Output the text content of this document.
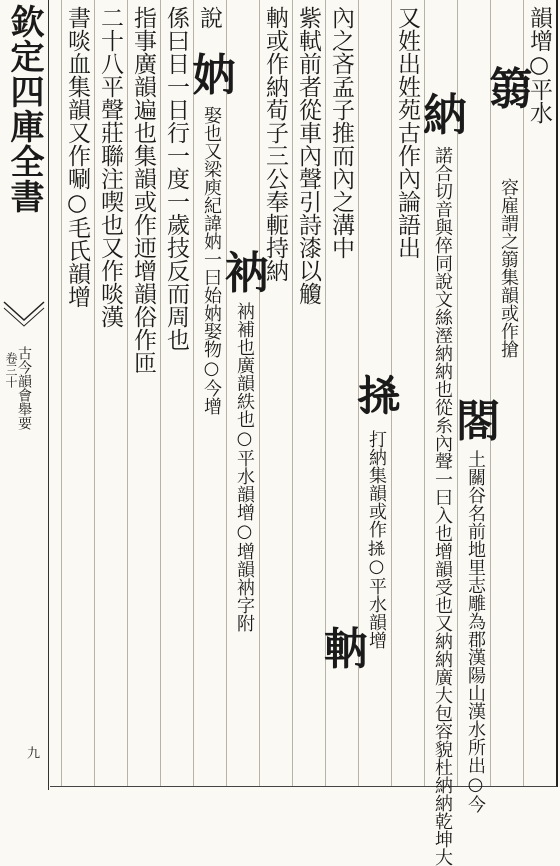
欽定四庫全書
卷三十
古今韻會舉要
九
韻增○平水
篛
容雇謂之篛集韻或作搶
閤
土關谷名前地里志雕為郡漢陽山漢水所出○今
納
諾合切音與倅同說文絲溼納納也從糸內聲一曰入也增韻受也又納納廣大包容貌杜納納乾坤大
又姓出姓苑古作內論語出
𢫬
打納集韻或作𢫬○平水韻增
內之吝孟子推而內之溝中
軜
紫軾前者從車內聲引詩漆以觼
軜或作納荀子三公奉軛持納
衲
衲補也廣韻紩也○平水韻增○增韻衲字附
說
妠
娶也又梁庾紀諱妠一曰始妠娶物○今增
係曰日一日行一度一歲技反而周也
指事廣韻遍也集韻或作迊增韻俗作匝
二十八平聲莊聯注喫也又作啖漢
書啖血集韻又作唰○毛氏韻增
